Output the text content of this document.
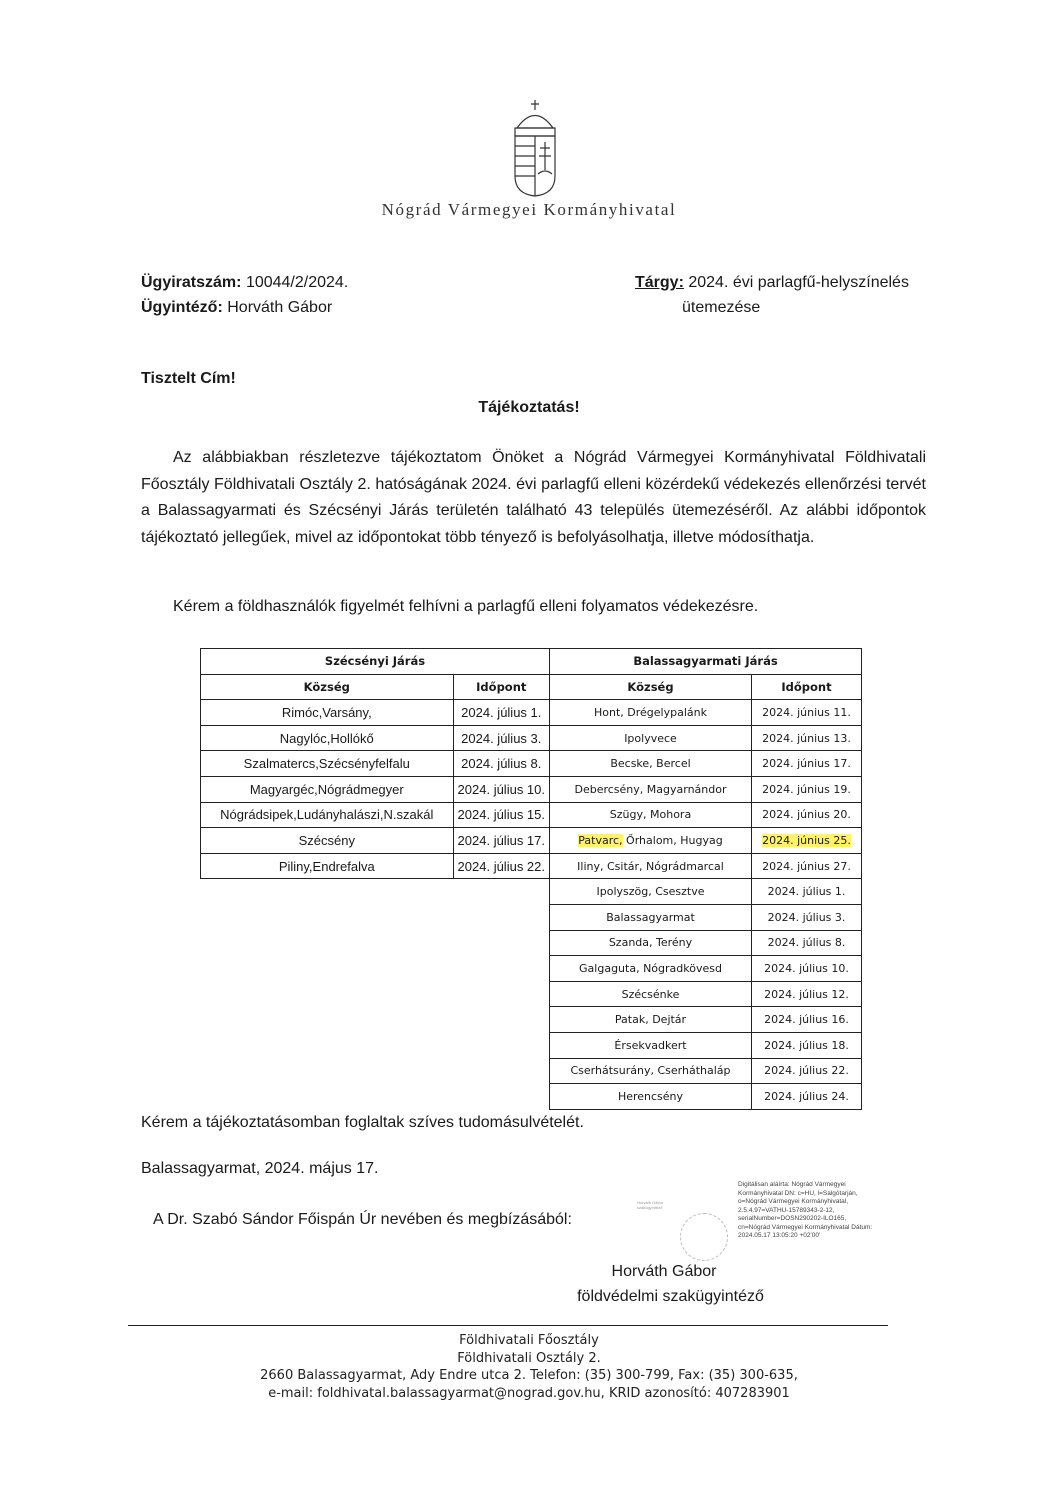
Nógrád Vármegyei Kormányhivatal
Ügyiratszám: 10044/2/2024.
Ügyintéző: Horváth Gábor
Tárgy: 2024. évi parlagfű-helyszínelés
ütemezése
Tisztelt Cím!
Tájékoztatás!
Az alábbiakban részletezve tájékoztatom Önöket a Nógrád Vármegyei Kormányhivatal Földhivatali Főosztály Földhivatali Osztály 2. hatóságának 2024. évi parlagfű elleni közérdekű védekezés ellenőrzési tervét a Balassagyarmati és Szécsényi Járás területén található 43 település ütemezéséről. Az alábbi időpontok tájékoztató jellegűek, mivel az időpontokat több tényező is befolyásolhatja, illetve módosíthatja.
Kérem a földhasználók figyelmét felhívni a parlagfű elleni folyamatos védekezésre.
Szécsényi Járás	
Község	Időpont
Rimóc,Varsány,	2024. július 1.
Nagylóc,Hollókő	2024. július 3.
Szalmatercs,Szécsényfelfalu	2024. július 8.
Magyargéc,Nógrádmegyer	2024. július 10.
Nógrádsipek,Ludányhalászi,N.szakál	2024. július 15.
Szécsény	2024. július 17.
Piliny,Endrefalva	2024. július 22.
Balassagyarmati Járás	
Község	Időpont
Hont, Drégelypalánk	2024. június 11.
Ipolyvece	2024. június 13.
Becske, Bercel	2024. június 17.
Debercsény, Magyarnándor	2024. június 19.
Szügy, Mohora	2024. június 20.
Patvarc, Őrhalom, Hugyag	2024. június 25.
Iliny, Csitár, Nógrádmarcal	2024. június 27.
Ipolyszög, Csesztve	2024. július 1.
Balassagyarmat	2024. július 3.
Szanda, Terény	2024. július 8.
Galgaguta, Nógradkövesd	2024. július 10.
Szécsénke	2024. július 12.
Patak, Dejtár	2024. július 16.
Érsekvadkert	2024. július 18.
Cserhátsurány, Cserháthaláp	2024. július 22.
Herencsény	2024. július 24.
Kérem a tájékoztatásomban foglaltak szíves tudomásulvételét.
Balassagyarmat, 2024. május 17.
A Dr. Szabó Sándor Főispán Úr nevében és megbízásából:
Horváth Gábor
szakügyintéző
Digitálisan aláírta: Nógrád Vármegyei Kormányhivatal DN: c=HU, l=Salgótarján, o=Nógrád Vármegyei Kormányhivatal, 2.5.4.97=VATHU-15789343-2-12, serialNumber=DOSN290202-ILO165, cn=Nógrád Vármegyei Kormányhivatal Dátum: 2024.05.17 13:05:20 +02'00'
Horváth Gábor
földvédelmi szakügyintéző
Földhivatali Főosztály
Földhivatali Osztály 2.
2660 Balassagyarmat, Ady Endre utca 2. Telefon: (35) 300-799, Fax: (35) 300-635,
e-mail: foldhivatal.balassagyarmat@nograd.gov.hu, KRID azonosító: 407283901
